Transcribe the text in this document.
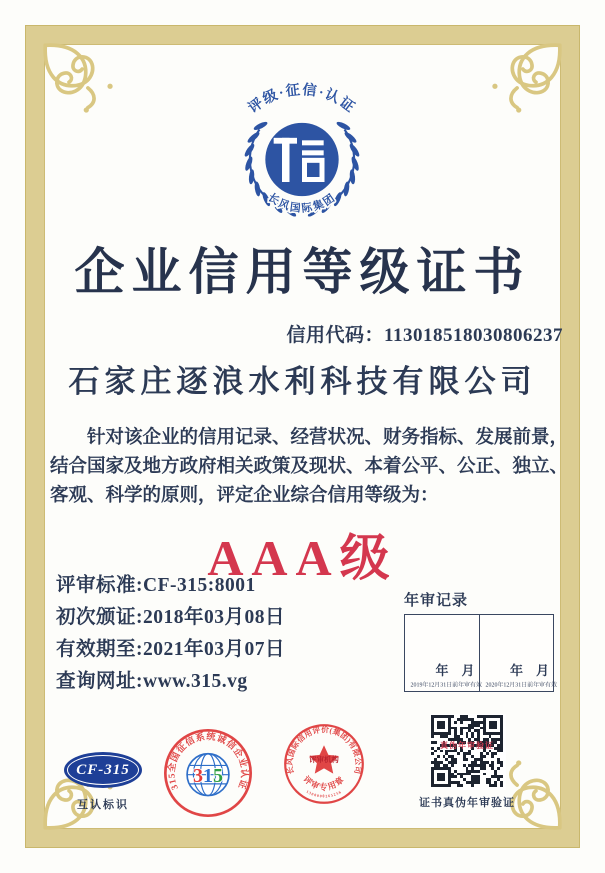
评级·征信·认证
长风国际集团
企业信用等级证书
信用代码：113018518030806237
石家庄逐浪水利科技有限公司
针对该企业的信用记录、经营状况、财务指标、发展前景，
结合国家及地方政府相关政策及现状、本着公平、公正、独立、
客观、科学的原则，评定企业综合信用等级为：
AAA级
评审标准:CF-315:8001
初次颁证:2018年03月08日
有效期至:2021年03月07日
查询网址:www.315.vg
年审记录
年　月
2019年12月31日前年审有效
年　月
2020年12月31日前年审有效
CF-315
互认标识
315全国征信系统诚信企业认证
315	长风国际信用评价(集团)有限公司
评审机构
评审专用章
1300000265256
真伪年审验证
证书真伪年审验证
